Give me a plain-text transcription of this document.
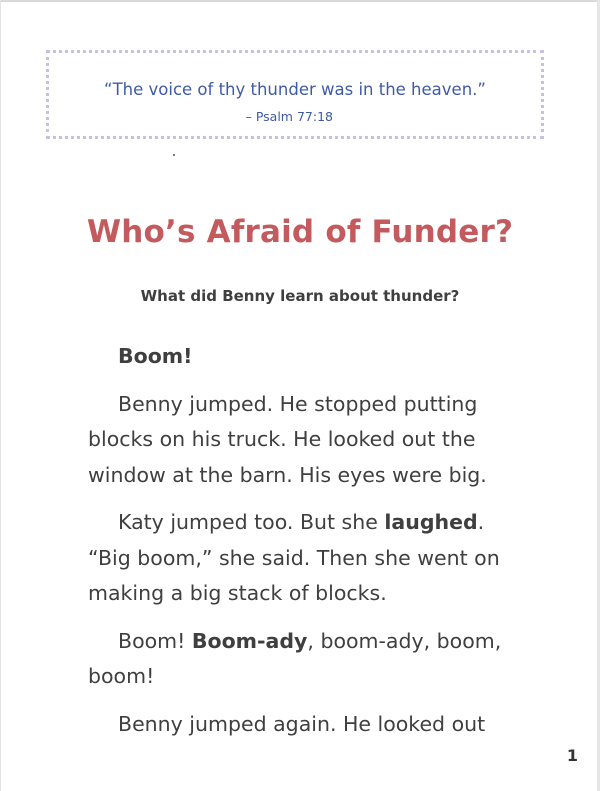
“The voice of thy thunder was in the heaven.”
– Psalm 77:18
Who’s Afraid of Funder?
What did Benny learn about thunder?

Boom!

Benny jumped. He stopped putting
blocks on his truck. He looked out the
window at the barn. His eyes were big.

Katy jumped too. But she laughed.
“Big boom,” she said. Then she went on
making a big stack of blocks.

Boom! Boom-ady, boom-ady, boom,
boom!

Benny jumped again. He looked out

1
